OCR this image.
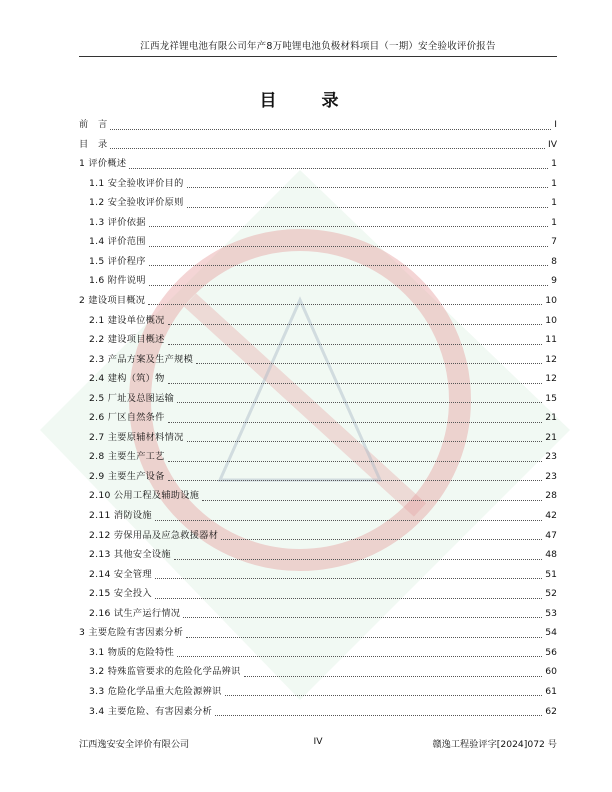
江西龙祥锂电池有限公司年产8万吨锂电池负极材料项目（一期）安全验收评价报告
目　录
前　言	I
目　录	IV
1 评价概述	1
1.1 安全验收评价目的	1
1.2 安全验收评价原则	1
1.3 评价依据	1
1.4 评价范围	7
1.5 评价程序	8
1.6 附件说明	9
2 建设项目概况	10
2.1 建设单位概况	10
2.2 建设项目概述	11
2.3 产品方案及生产规模	12
2.4 建构（筑）物	12
2.5 厂址及总图运输	15
2.6 厂区自然条件	21
2.7 主要原辅材料情况	21
2.8 主要生产工艺	23
2.9 主要生产设备	23
2.10 公用工程及辅助设施	28
2.11 消防设施	42
2.12 劳保用品及应急救援器材	47
2.13 其他安全设施	48
2.14 安全管理	51
2.15 安全投入	52
2.16 试生产运行情况	53
3 主要危险有害因素分析	54
3.1 物质的危险特性	56
3.2 特殊监管要求的危险化学品辨识	60
3.3 危险化学品重大危险源辨识	61
3.4 主要危险、有害因素分析	62
江西逸安安全评价有限公司	IV	赣逸工程验评字[2024]072 号
